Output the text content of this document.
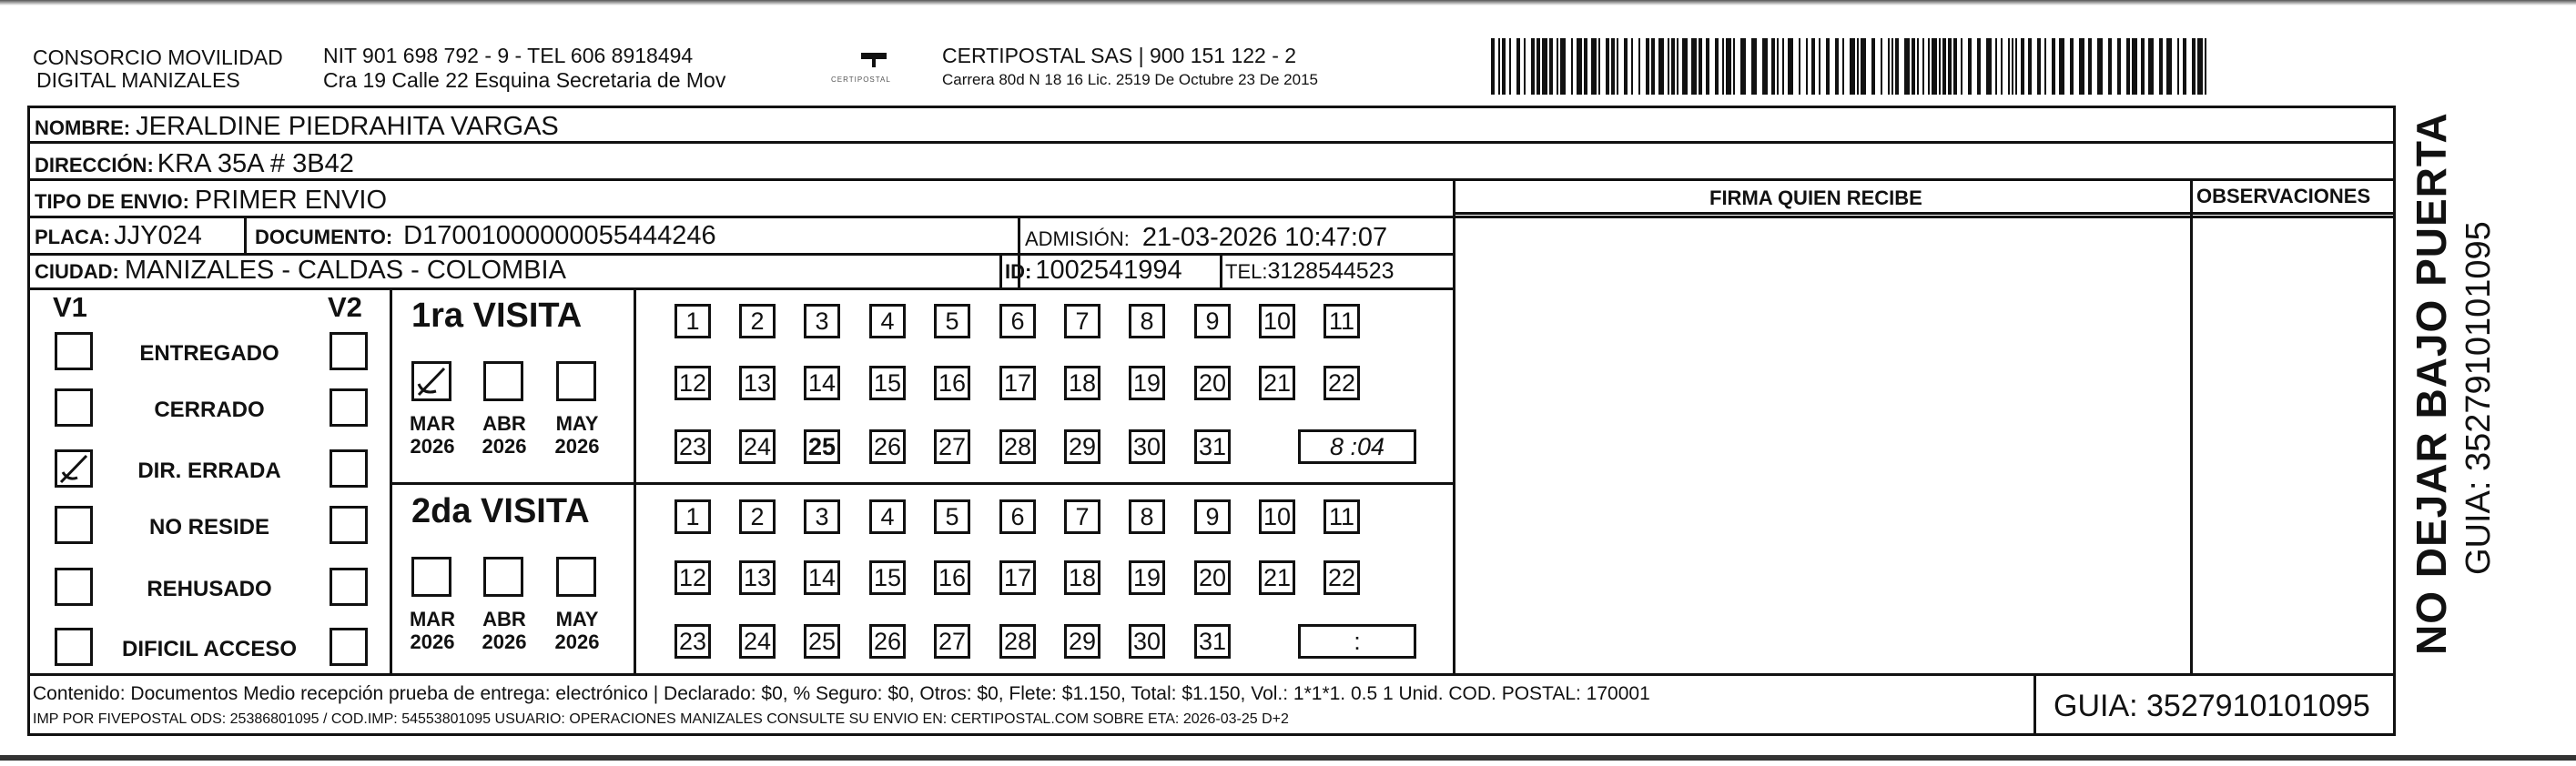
CONSORCIO MOVILIDAD
DIGITAL MANIZALES
NIT 901 698 792 - 9 - TEL 606 8918494
Cra 19 Calle 22 Esquina Secretaria de Mov	CERTIPOSTAL
CERTIPOSTAL SAS | 900 151 122 - 2
Carrera 80d N 18 16 Lic. 2519 De Octubre 23 De 2015
NOMBRE: JERALDINE PIEDRAHITA VARGAS
DIRECCIÓN: KRA 35A # 3B42
TIPO DE ENVIO: PRIMER ENVIO	FIRMA QUIEN RECIBE	OBSERVACIONES
PLACA: JJY024	DOCUMENTO: D17001000000055444246	ADMISIÓN: 21-03-2026 10:47:07
CIUDAD: MANIZALES - CALDAS - COLOMBIA	ID: 1002541994 TEL:3128544523
V1	V2
ENTREGADO
CERRADO
DIR. ERRADA
NO RESIDE
REHUSADO
DIFICIL ACCESO
1ra VISITA
2da VISITA
MAR
2026
ABR
2026
MAY
2026
MAR
2026
ABR
2026
MAY
2026
1	2	3	4	5	6	7	8	9	10 11
12 13 14 15 16 17 18 19 20 21 22
23 24 25 26 27 28 29 30 31	8 :04
1	2	3	4	5	6	7	8	9	10 11
12 13 14 15 16 17 18 19 20 21 22
23 24 25 26 27 28 29 30 31	:
Contenido: Documentos Medio recepción prueba de entrega: electrónico | Declarado: $0, % Seguro: $0, Otros: $0, Flete: $1.150, Total: $1.150, Vol.: 1*1*1. 0.5 1 Unid. COD. POSTAL: 170001
IMP POR FIVEPOSTAL ODS: 25386801095 / COD.IMP: 54553801095 USUARIO: OPERACIONES MANIZALES CONSULTE SU ENVIO EN: CERTIPOSTAL.COM SOBRE ETA: 2026-03-25 D+2	GUIA: 3527910101095
NO DEJAR BAJO PUERTA GUIA: 3527910101095
